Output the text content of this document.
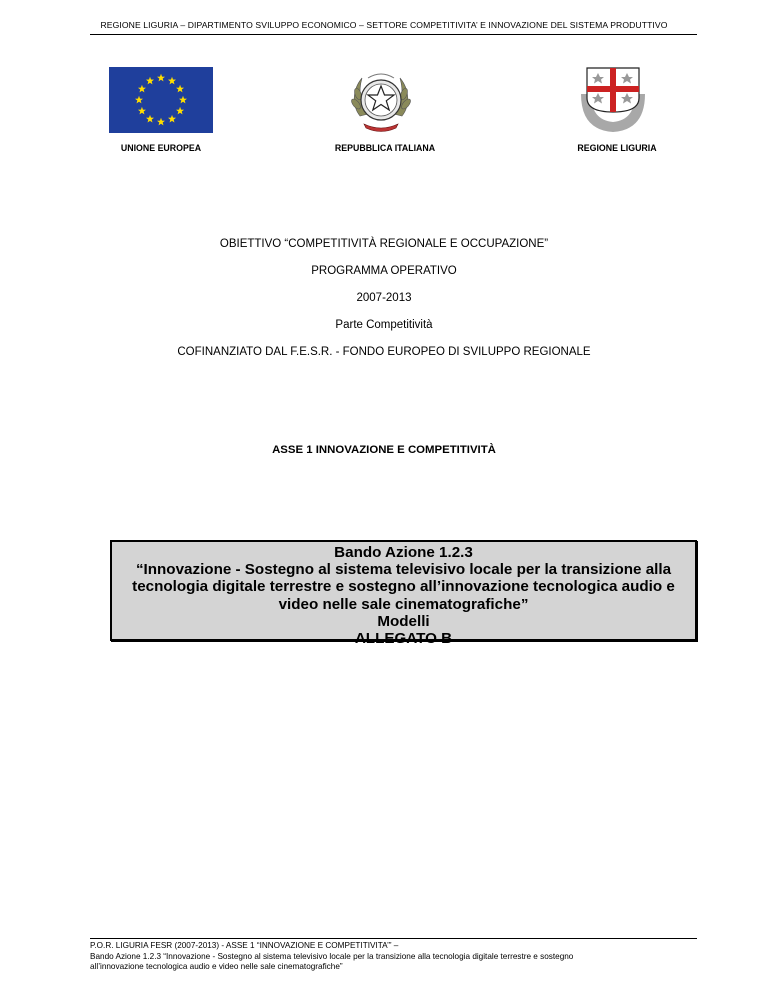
REGIONE LIGURIA – DIPARTIMENTO SVILUPPO ECONOMICO – SETTORE COMPETITIVITA’ E INNOVAZIONE DEL SISTEMA PRODUTTIVO
UNIONE EUROPEA	REPUBBLICA ITALIANA	REGIONE LIGURIA
OBIETTIVO “COMPETITIVITÀ REGIONALE E OCCUPAZIONE”
PROGRAMMA OPERATIVO
2007-2013
Parte Competitività
COFINANZIATO DAL F.E.S.R. - FONDO EUROPEO DI SVILUPPO REGIONALE
ASSE 1 INNOVAZIONE E COMPETITIVITÀ
Bando Azione 1.2.3
“Innovazione - Sostegno al sistema televisivo locale per la transizione alla
tecnologia digitale terrestre e sostegno all’innovazione tecnologica audio e
video nelle sale cinematografiche”
Modelli
ALLEGATO B
P.O.R. LIGURIA FESR (2007-2013) - ASSE 1 “INNOVAZIONE E COMPETITIVITA’” –
Bando Azione 1.2.3 “Innovazione - Sostegno al sistema televisivo locale per la transizione alla tecnologia digitale terrestre e sostegno
all’innovazione tecnologica audio e video nelle sale cinematografiche”
